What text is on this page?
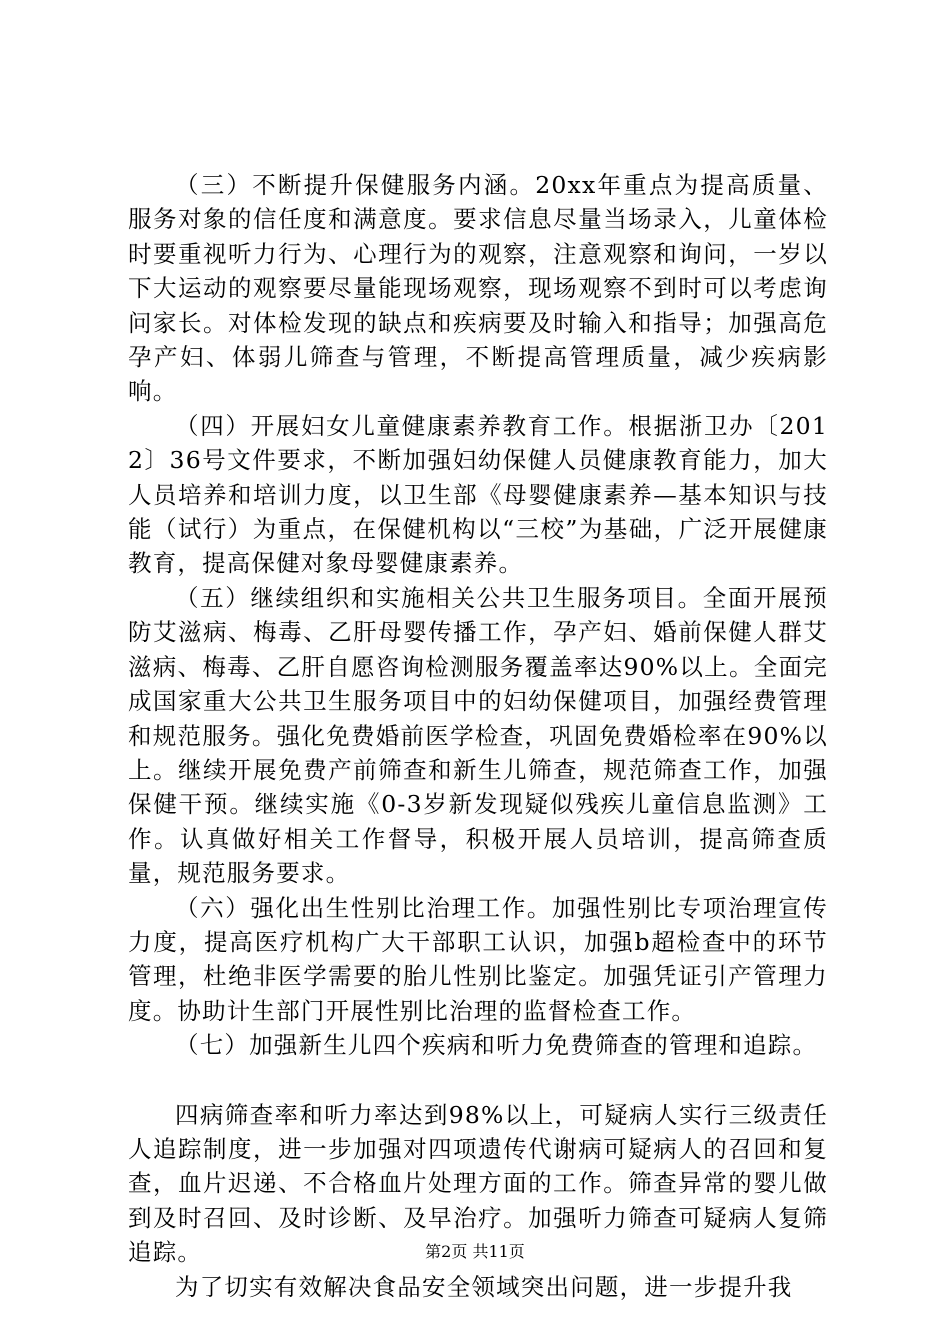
（三）不断提升保健服务内涵。20xx年重点为提高质量、服务对象的信任度和满意度。要求信息尽量当场录入，儿童体检时要重视听力行为、心理行为的观察，注意观察和询问，一岁以下大运动的观察要尽量能现场观察，现场观察不到时可以考虑询问家长。对体检发现的缺点和疾病要及时输入和指导；加强高危孕产妇、体弱儿筛查与管理，不断提高管理质量，减少疾病影响。

（四）开展妇女儿童健康素养教育工作。根据浙卫办〔2012〕36号文件要求，不断加强妇幼保健人员健康教育能力，加大人员培养和培训力度，以卫生部《母婴健康素养—基本知识与技能（试行）为重点，在保健机构以“三校”为基础，广泛开展健康教育，提高保健对象母婴健康素养。

（五）继续组织和实施相关公共卫生服务项目。全面开展预防艾滋病、梅毒、乙肝母婴传播工作，孕产妇、婚前保健人群艾滋病、梅毒、乙肝自愿咨询检测服务覆盖率达90%以上。全面完成国家重大公共卫生服务项目中的妇幼保健项目，加强经费管理和规范服务。强化免费婚前医学检查，巩固免费婚检率在90%以上。继续开展免费产前筛查和新生儿筛查，规范筛查工作，加强保健干预。继续实施《0-3岁新发现疑似残疾儿童信息监测》工作。认真做好相关工作督导，积极开展人员培训，提高筛查质量，规范服务要求。

（六）强化出生性别比治理工作。加强性别比专项治理宣传力度，提高医疗机构广大干部职工认识，加强b超检查中的环节管理，杜绝非医学需要的胎儿性别比鉴定。加强凭证引产管理力度。协助计生部门开展性别比治理的监督检查工作。

（七）加强新生儿四个疾病和听力免费筛查的管理和追踪。

四病筛查率和听力率达到98%以上，可疑病人实行三级责任人追踪制度，进一步加强对四项遗传代谢病可疑病人的召回和复查，血片迟递、不合格血片处理方面的工作。筛查异常的婴儿做到及时召回、及时诊断、及早治疗。加强听力筛查可疑病人复筛追踪。

为了切实有效解决食品安全领域突出问题，进一步提升我

第2页 共11页
